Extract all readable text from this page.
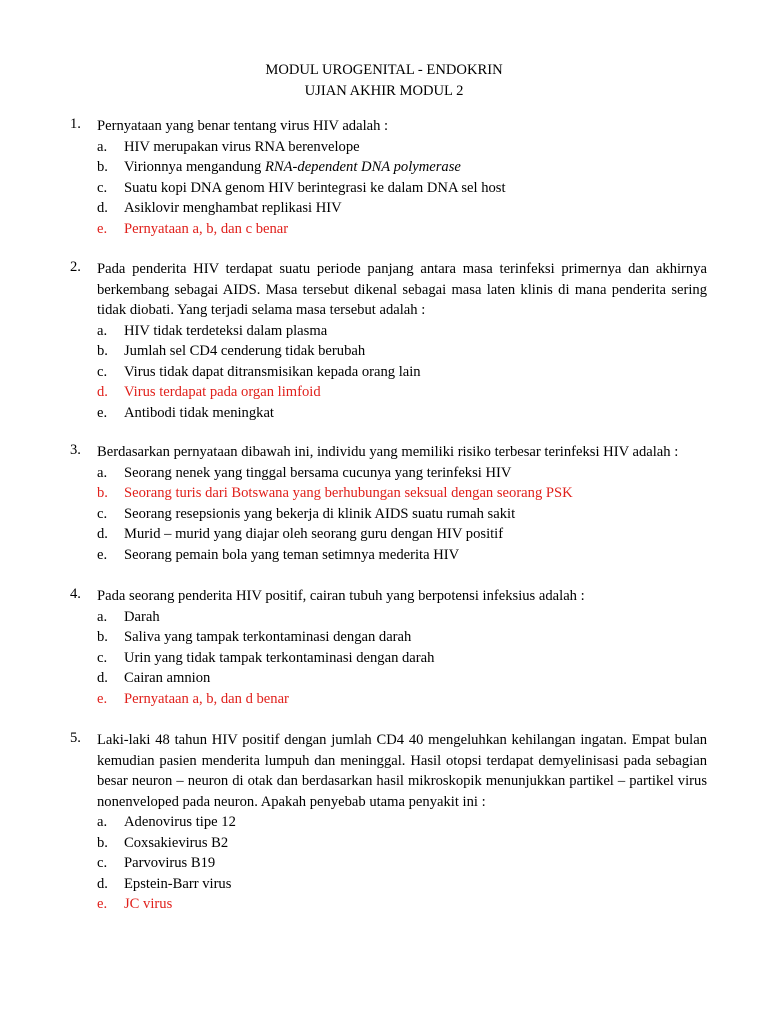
MODUL UROGENITAL - ENDOKRIN
UJIAN AKHIR MODUL 2
1. Pernyataan yang benar tentang virus HIV adalah :
a. HIV merupakan virus RNA berenvelope
b. Virionnya mengandung RNA-dependent DNA polymerase
c. Suatu kopi DNA genom HIV berintegrasi ke dalam DNA sel host
d. Asiklovir menghambat replikasi HIV
e. Pernyataan a, b, dan c benar
2. Pada penderita HIV terdapat suatu periode panjang antara masa terinfeksi primernya dan akhirnya berkembang sebagai AIDS. Masa tersebut dikenal sebagai masa laten klinis di mana penderita sering tidak diobati. Yang terjadi selama masa tersebut adalah :
a. HIV tidak terdeteksi dalam plasma
b. Jumlah sel CD4 cenderung tidak berubah
c. Virus tidak dapat ditransmisikan kepada orang lain
d. Virus terdapat pada organ limfoid
e. Antibodi tidak meningkat
3. Berdasarkan pernyataan dibawah ini, individu yang memiliki risiko terbesar terinfeksi HIV adalah :
a. Seorang nenek yang tinggal bersama cucunya yang terinfeksi HIV
b. Seorang turis dari Botswana yang berhubungan seksual dengan seorang PSK
c. Seorang resepsionis yang bekerja di klinik AIDS suatu rumah sakit
d. Murid – murid yang diajar oleh seorang guru dengan HIV positif
e. Seorang pemain bola yang teman setimnya mederita HIV
4. Pada seorang penderita HIV positif, cairan tubuh yang berpotensi infeksius adalah :
a. Darah
b. Saliva yang tampak terkontaminasi dengan darah
c. Urin yang tidak tampak terkontaminasi dengan darah
d. Cairan amnion
e. Pernyataan a, b, dan d benar
5. Laki-laki 48 tahun HIV positif dengan jumlah CD4 40 mengeluhkan kehilangan ingatan. Empat bulan kemudian pasien menderita lumpuh dan meninggal. Hasil otopsi terdapat demyelinisasi pada sebagian besar neuron – neuron di otak dan berdasarkan hasil mikroskopik menunjukkan partikel – partikel virus nonenveloped pada neuron. Apakah penyebab utama penyakit ini :
a. Adenovirus tipe 12
b. Coxsakievirus B2
c. Parvovirus B19
d. Epstein-Barr virus
e. JC virus
